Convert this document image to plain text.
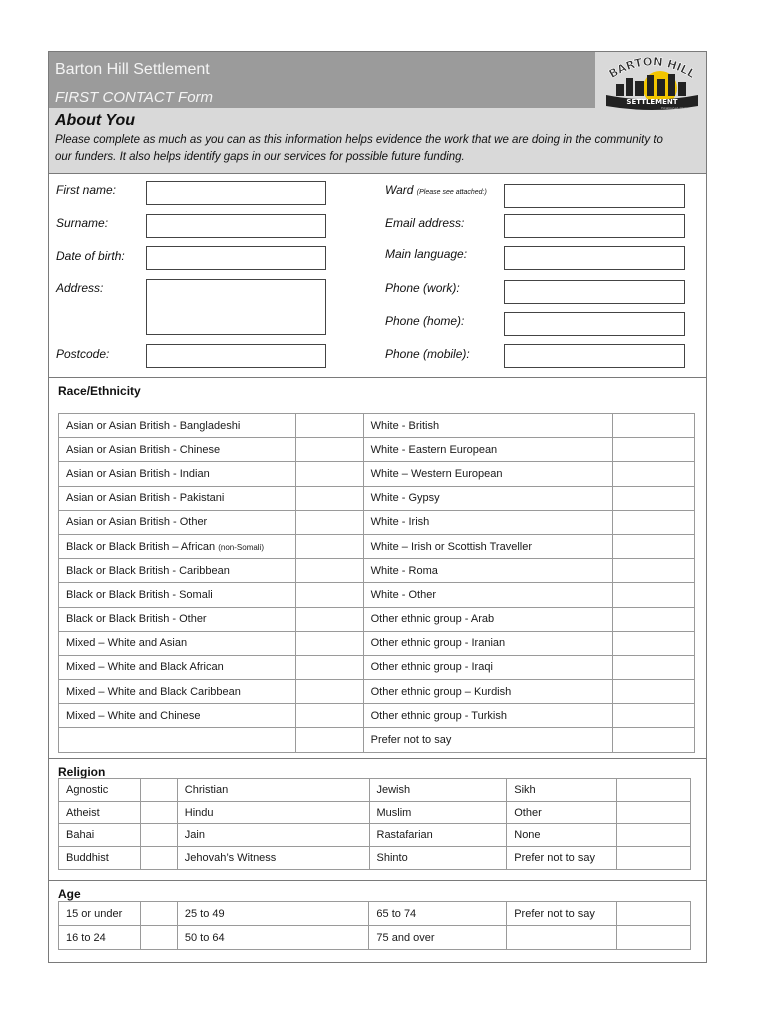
Barton Hill Settlement
FIRST CONTACT Form
About You
Please complete as much as you can as this information helps evidence the work that we are doing in the community to our funders. It also helps identify gaps in our services for possible future funding.
BARTON HILL
SETTLEMENT
Established 1911
First name:
Surname:
Date of birth:
Address:
Postcode:
Ward (Please see attached:)
Email address:
Main language:
Phone (work):
Phone (home):
Phone (mobile):
Race/Ethnicity
Asian or Asian British - Bangladeshi		White - British	
Asian or Asian British - Chinese		White - Eastern European	
Asian or Asian British - Indian		White – Western European	
Asian or Asian British - Pakistani		White - Gypsy	
Asian or Asian British - Other		White - Irish	
Black or Black British – African (non-Somali)		White – Irish or Scottish Traveller	
Black or Black British - Caribbean		White - Roma	
Black or Black British - Somali		White - Other	
Black or Black British - Other		Other ethnic group - Arab	
Mixed – White and Asian		Other ethnic group - Iranian	
Mixed – White and Black African		Other ethnic group - Iraqi	
Mixed – White and Black Caribbean		Other ethnic group – Kurdish	
Mixed – White and Chinese		Other ethnic group - Turkish	
		Prefer not to say	
Religion
Agnostic		Christian	Jewish	Sikh	
Atheist		Hindu	Muslim	Other	
Bahai		Jain	Rastafarian	None	
Buddhist		Jehovah’s Witness	Shinto	Prefer not to say	
Age
15 or under		25 to 49	65 to 74	Prefer not to say	
16 to 24		50 to 64	75 and over		
